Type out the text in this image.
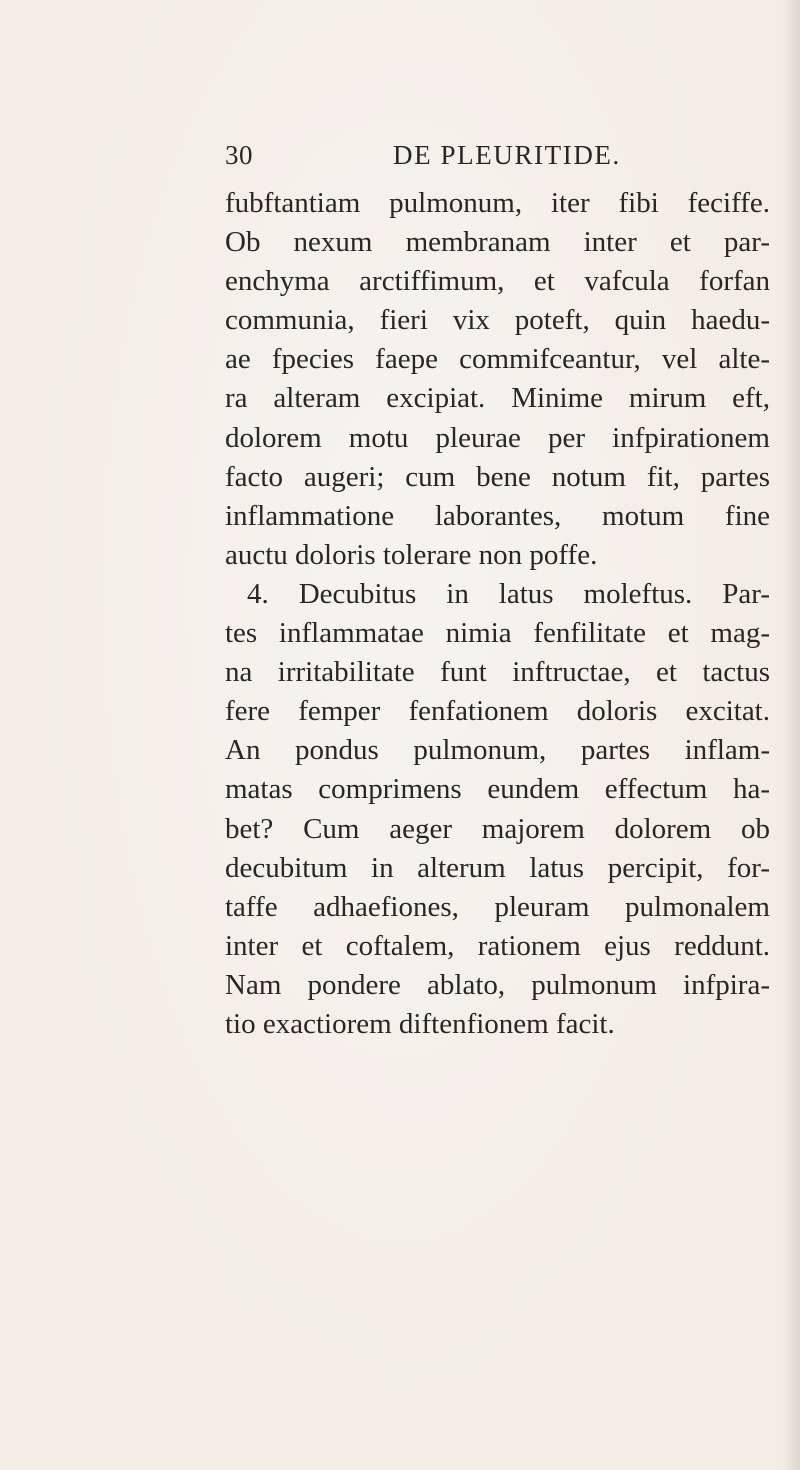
30	DE PLEURITIDE.
fubftantiam pulmonum, iter fibi feciffe.
Ob nexum membranam inter et par-
enchyma arctiffimum, et vafcula forfan
communia, fieri vix poteft, quin haedu-
ae fpecies faepe commifceantur, vel alte-
ra alteram excipiat. Minime mirum eft,
dolorem motu pleurae per infpirationem
facto augeri; cum bene notum fit, partes
inflammatione laborantes, motum fine
auctu doloris tolerare non poffe.
4. Decubitus in latus moleftus. Par-
tes inflammatae nimia fenfilitate et mag-
na irritabilitate funt inftructae, et tactus
fere femper fenfationem doloris excitat.
An pondus pulmonum, partes inflam-
matas comprimens eundem effectum ha-
bet? Cum aeger majorem dolorem ob
decubitum in alterum latus percipit, for-
taffe adhaefiones, pleuram pulmonalem
inter et coftalem, rationem ejus reddunt.
Nam pondere ablato, pulmonum infpira-
tio exactiorem diftenfionem facit.
